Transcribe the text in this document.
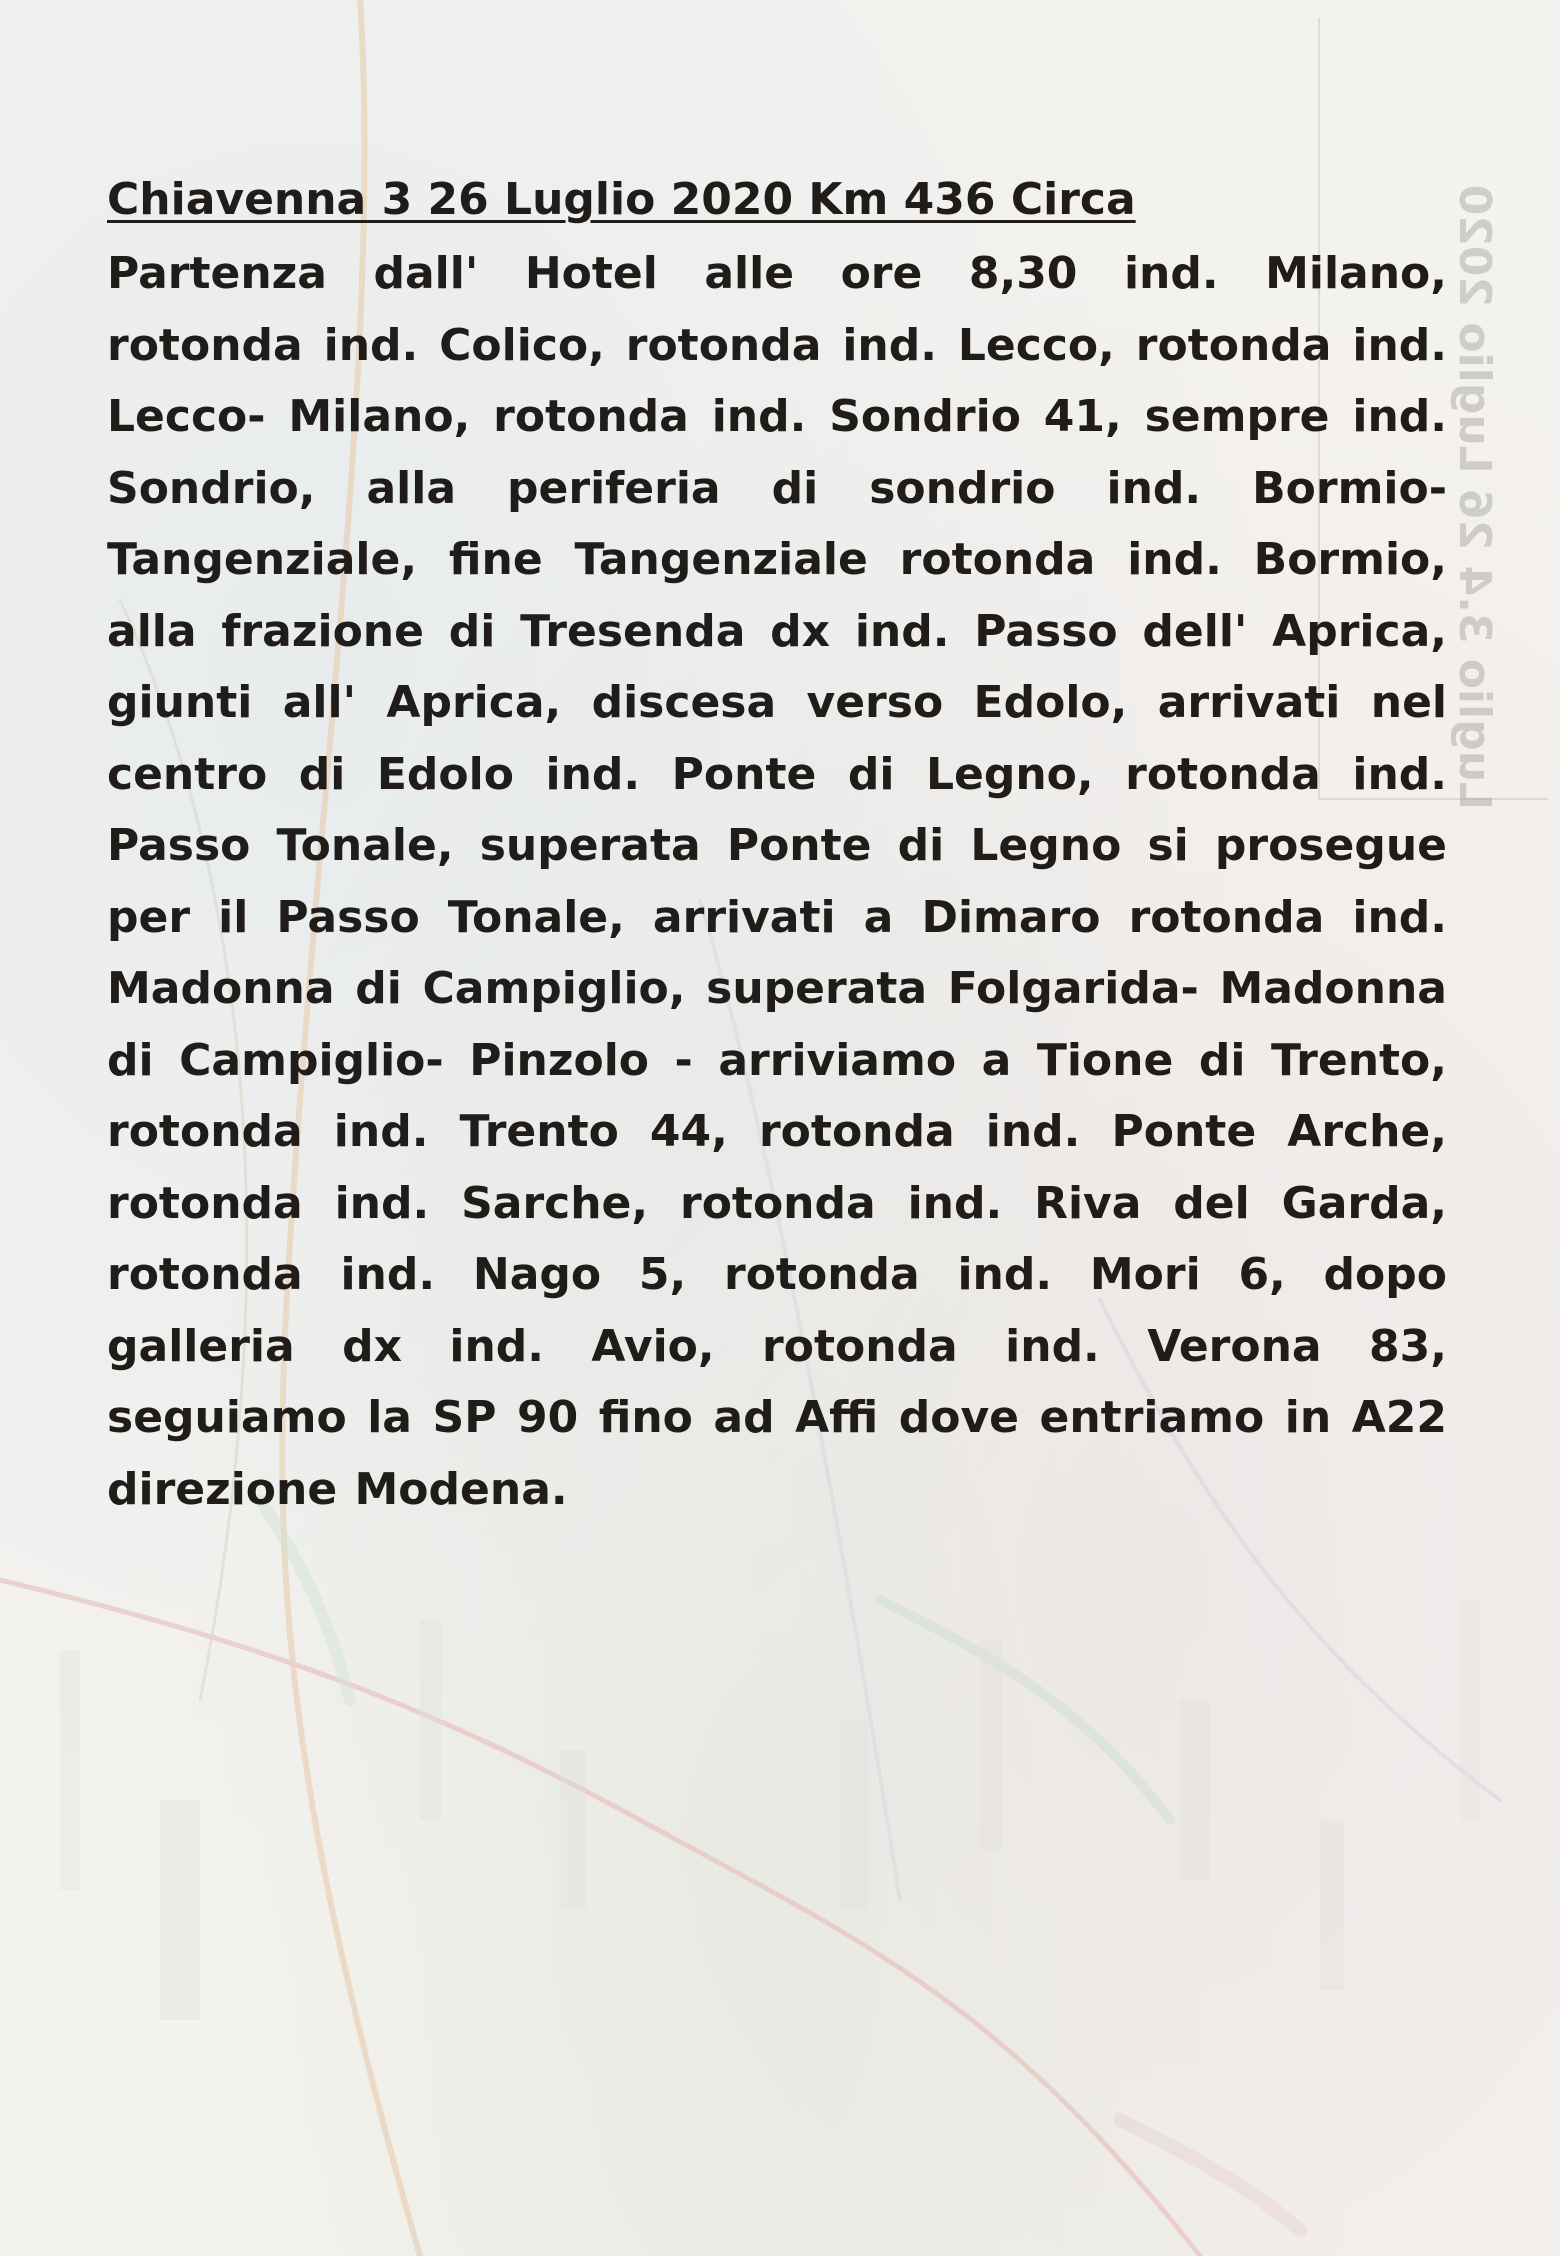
Luglio 3.4 26 Luglio 2020
Chiavenna 3 26 Luglio 2020 Km 436 Circa

Partenza dall' Hotel alle ore 8,30 ind. Milano, rotonda ind. Colico, rotonda ind. Lecco, rotonda ind. Lecco- Milano, rotonda ind. Sondrio 41, sempre ind. Sondrio, alla periferia di sondrio ind. Bormio- Tangenziale, fine Tangenziale rotonda ind. Bormio, alla frazione di Tresenda dx ind. Passo dell' Aprica, giunti all' Aprica, discesa verso Edolo, arrivati nel centro di Edolo ind. Ponte di Legno, rotonda ind. Passo Tonale, superata Ponte di Legno si prosegue per il Passo Tonale, arrivati a Dimaro rotonda ind. Madonna di Campiglio, superata Folgarida- Madonna di Campiglio- Pinzolo - arriviamo a Tione di Trento, rotonda ind. Trento 44, rotonda ind. Ponte Arche, rotonda ind. Sarche, rotonda ind. Riva del Garda, rotonda ind. Nago 5, rotonda ind. Mori 6, dopo galleria dx ind. Avio, rotonda ind. Verona 83, seguiamo la SP 90 fino ad Affi dove entriamo in A22 direzione Modena.
